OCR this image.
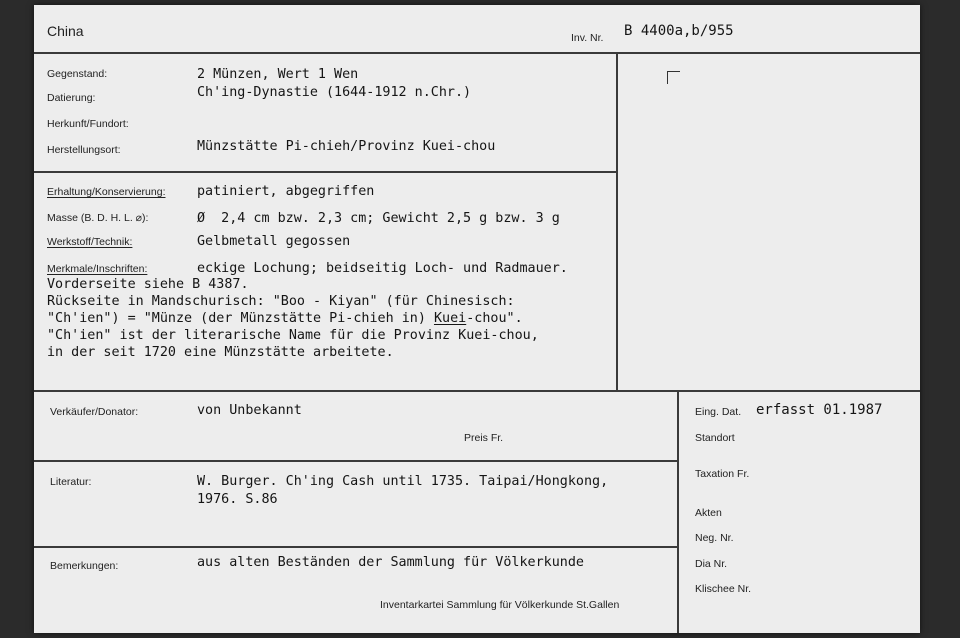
China	Inv. Nr. B 4400a,b/955
Gegenstand:	2 Münzen, Wert 1 Wen
Datierung:	Ch'ing-Dynastie (1644-1912 n.Chr.)
Herkunft/Fundort:
Herstellungsort:	Münzstätte Pi-chieh/Provinz Kuei-chou
Erhaltung/Konservierung: patiniert, abgegriffen
Masse (B. D. H. L. ⌀):	Ø  2,4 cm bzw. 2,3 cm; Gewicht 2,5 g bzw. 3 g
Werkstoff/Technik:	Gelbmetall gegossen
Merkmale/Inschriften:	eckige Lochung; beidseitig Loch- und Radmauer.
Vorderseite siehe B 4387.
Rückseite in Mandschurisch: "Boo - Kiyan" (für Chinesisch:
"Ch'ien") = "Münze (der Münzstätte Pi-chieh in) Kuei-chou".
"Ch'ien" ist der literarische Name für die Provinz Kuei-chou,
in der seit 1720 eine Münzstätte arbeitete.
Verkäufer/Donator:	von Unbekannt
Preis Fr.
Eing. Dat. erfasst 01.1987
Standort
Taxation Fr.
Akten
Neg. Nr.
Dia Nr.
Klischee Nr.
Literatur:	W. Burger. Ch'ing Cash until 1735. Taipai/Hongkong,
1976. S.86
Bemerkungen:	aus alten Beständen der Sammlung für Völkerkunde
Inventarkartei Sammlung für Völkerkunde St.Gallen
